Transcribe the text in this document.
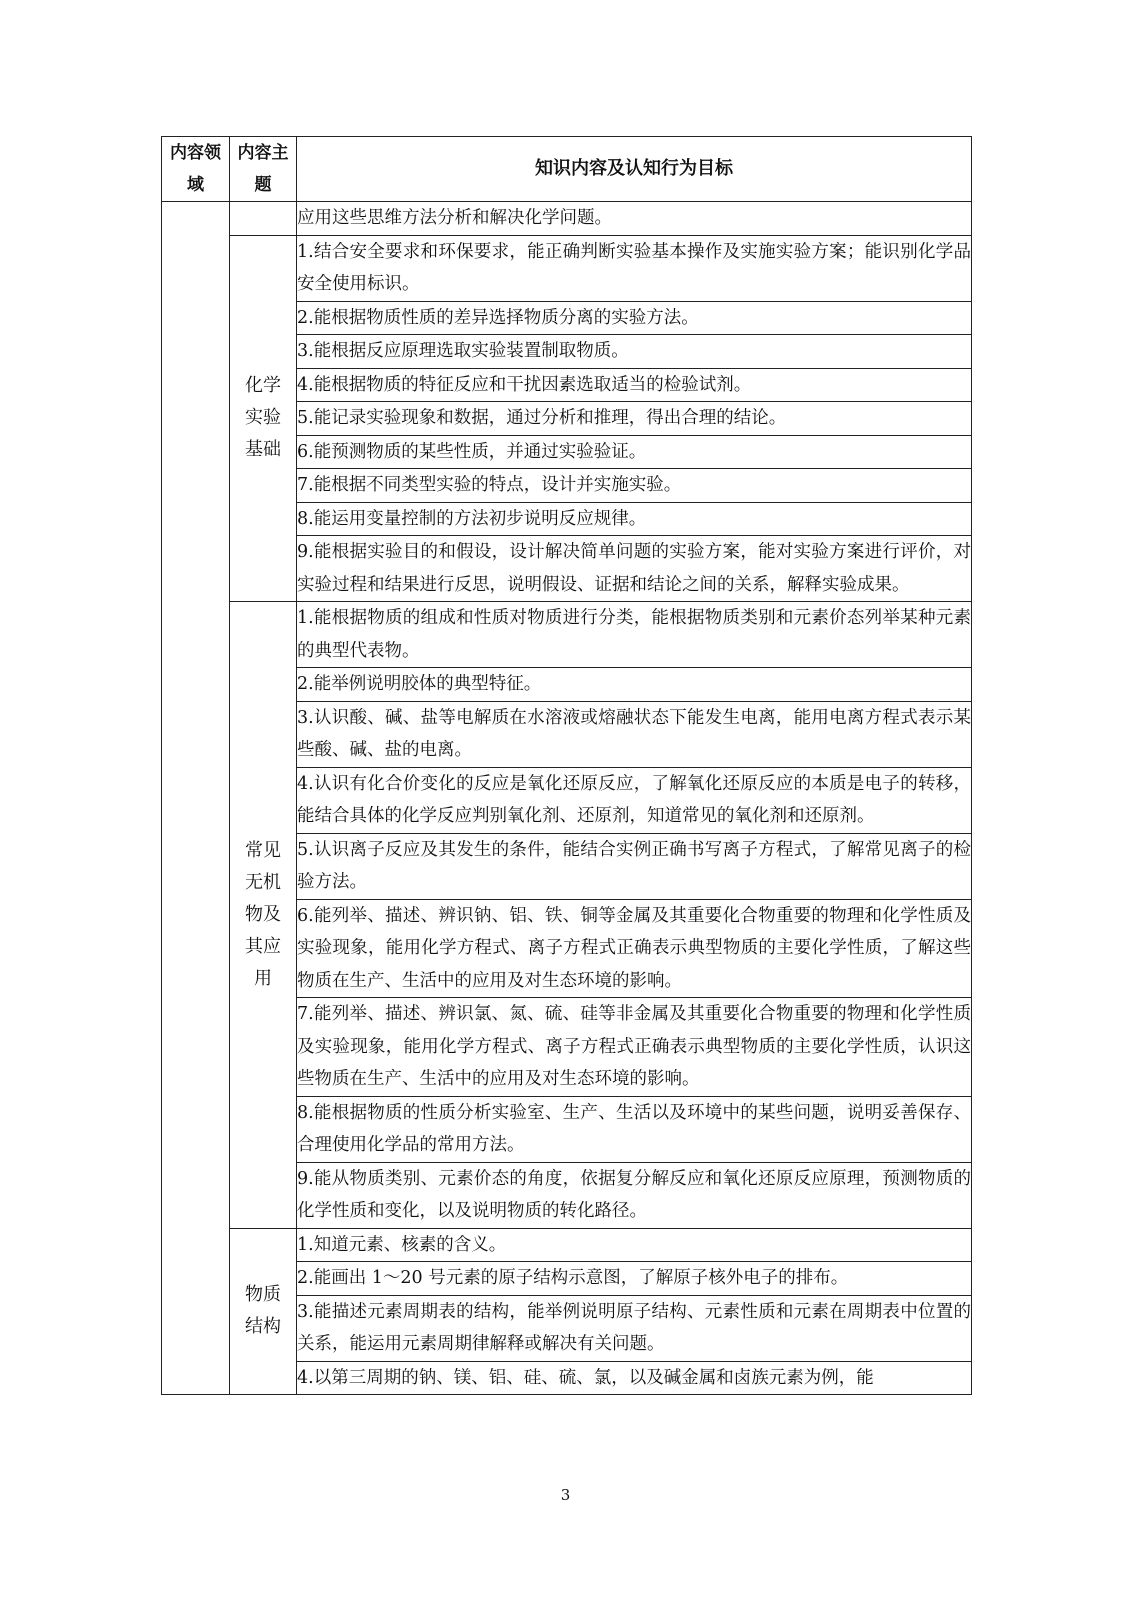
内容领域	内容主题	知识内容及认知行为目标
		应用这些思维方法分析和解决化学问题。

	化学实验基础	1.结合安全要求和环保要求，能正确判断实验基本操作及实施实验方案；能识别化学品安全使用标识。
		2.能根据物质性质的差异选择物质分离的实验方法。
		3.能根据反应原理选取实验装置制取物质。
		4.能根据物质的特征反应和干扰因素选取适当的检验试剂。
		5.能记录实验现象和数据，通过分析和推理，得出合理的结论。
		6.能预测物质的某些性质，并通过实验验证。
		7.能根据不同类型实验的特点，设计并实施实验。
		8.能运用变量控制的方法初步说明反应规律。
		9.能根据实验目的和假设，设计解决简单问题的实验方案，能对实验方案进行评价，对实验过程和结果进行反思，说明假设、证据和结论之间的关系，解释实验成果。

	常见无机物及其应用	1.能根据物质的组成和性质对物质进行分类，能根据物质类别和元素价态列举某种元素的典型代表物。
		2.能举例说明胶体的典型特征。
		3.认识酸、碱、盐等电解质在水溶液或熔融状态下能发生电离，能用电离方程式表示某些酸、碱、盐的电离。
		4.认识有化合价变化的反应是氧化还原反应，了解氧化还原反应的本质是电子的转移，能结合具体的化学反应判别氧化剂、还原剂，知道常见的氧化剂和还原剂。
		5.认识离子反应及其发生的条件，能结合实例正确书写离子方程式，了解常见离子的检验方法。
		6.能列举、描述、辨识钠、铝、铁、铜等金属及其重要化合物重要的物理和化学性质及实验现象，能用化学方程式、离子方程式正确表示典型物质的主要化学性质，了解这些物质在生产、生活中的应用及对生态环境的影响。
		7.能列举、描述、辨识氯、氮、硫、硅等非金属及其重要化合物重要的物理和化学性质及实验现象，能用化学方程式、离子方程式正确表示典型物质的主要化学性质，认识这些物质在生产、生活中的应用及对生态环境的影响。
		8.能根据物质的性质分析实验室、生产、生活以及环境中的某些问题，说明妥善保存、合理使用化学品的常用方法。
		9.能从物质类别、元素价态的角度，依据复分解反应和氧化还原反应原理，预测物质的化学性质和变化，以及说明物质的转化路径。

	物质结构	1.知道元素、核素的含义。
		2.能画出 1～20 号元素的原子结构示意图，了解原子核外电子的排布。
		3.能描述元素周期表的结构，能举例说明原子结构、元素性质和元素在周期表中位置的关系，能运用元素周期律解释或解决有关问题。
		4.以第三周期的钠、镁、铝、硅、硫、氯，以及碱金属和卤族元素为例，能
3
